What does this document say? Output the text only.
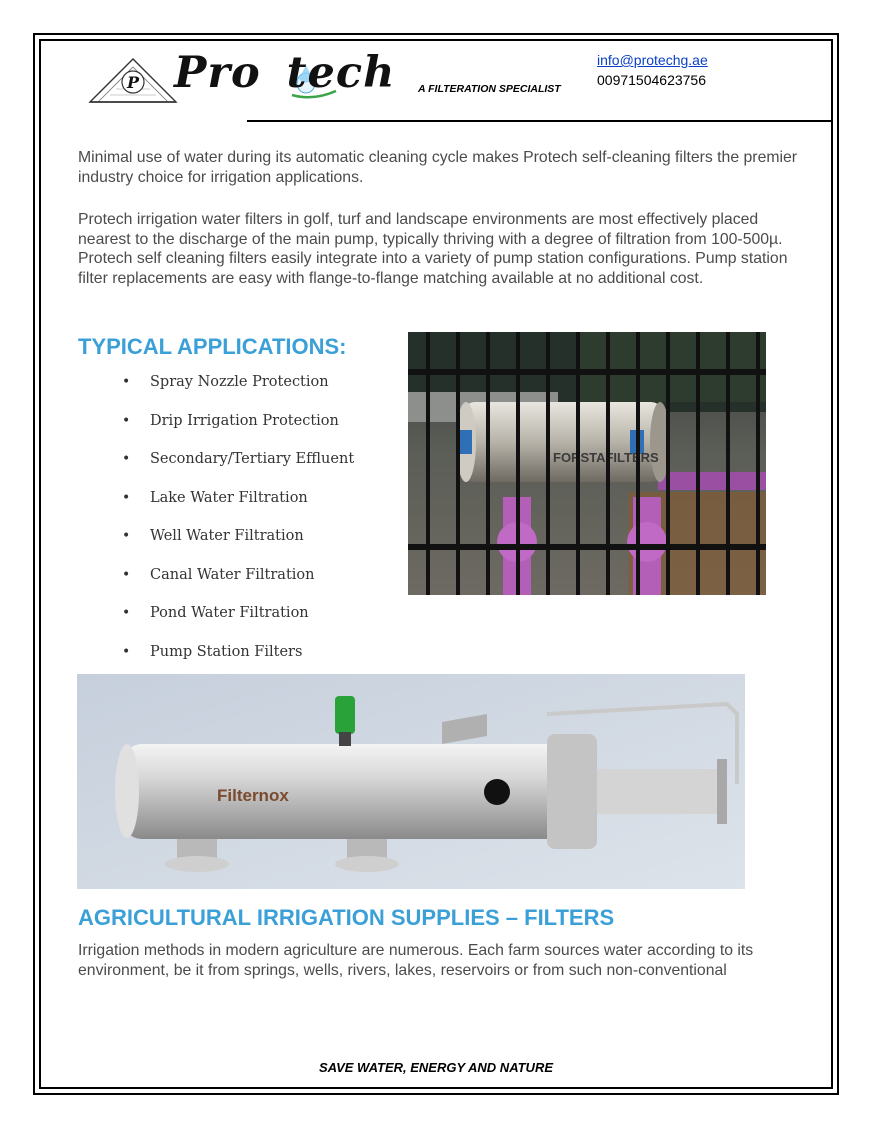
P Pro tech A FILTERATION SPECIALIST
info@protechg.ae
00971504623756
Minimal use of water during its automatic cleaning cycle makes Protech self-cleaning filters the premier industry choice for irrigation applications.
Protech irrigation water filters in golf, turf and landscape environments are most effectively placed nearest to the discharge of the main pump, typically thriving with a degree of filtration from 100-500µ. Protech self cleaning filters easily integrate into a variety of pump station configurations. Pump station filter replacements are easy with flange-to-flange matching available at no additional cost.
TYPICAL APPLICATIONS:
• Spray Nozzle Protection
• Drip Irrigation Protection
• Secondary/Tertiary Effluent
• Lake Water Filtration
• Well Water Filtration
• Canal Water Filtration
• Pond Water Filtration
• Pump Station Filters
FORSTAFILTERS
Filternox
AGRICULTURAL IRRIGATION SUPPLIES – FILTERS
Irrigation methods in modern agriculture are numerous. Each farm sources water according to its environment, be it from springs, wells, rivers, lakes, reservoirs or from such non-conventional
SAVE WATER, ENERGY AND NATURE
